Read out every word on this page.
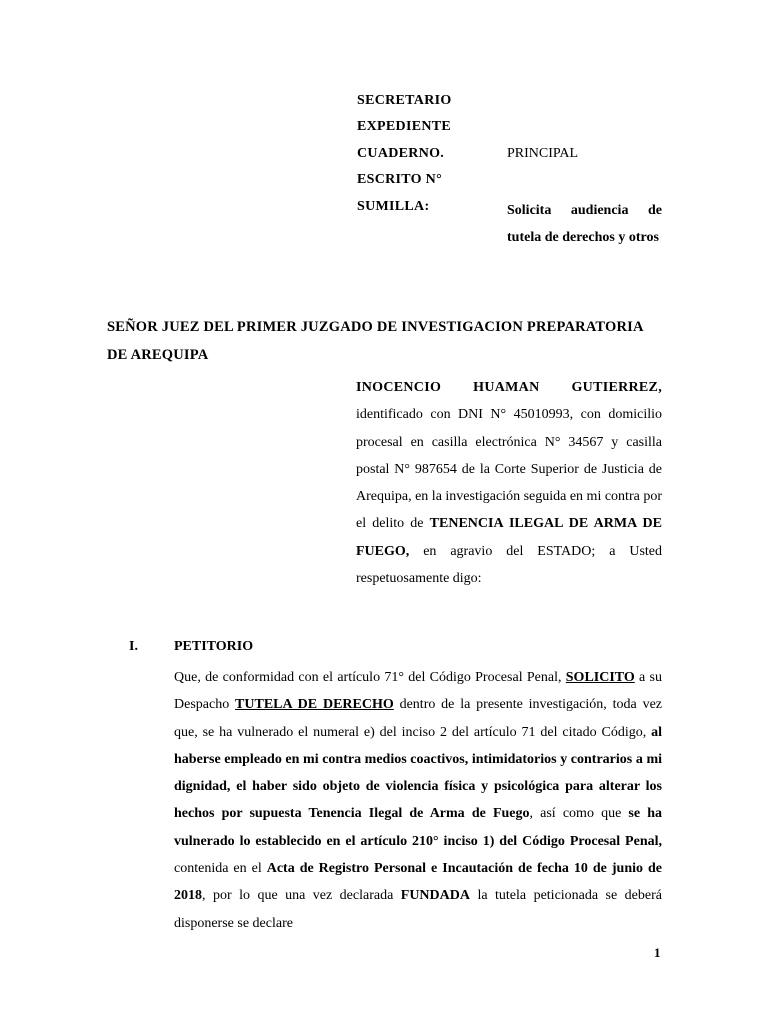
SECRETARIO
EXPEDIENTE
CUADERNO.	PRINCIPAL
ESCRITO N°
SUMILLA:	Solicita audiencia de tutela de derechos y otros
SEÑOR JUEZ DEL PRIMER JUZGADO DE INVESTIGACION PREPARATORIA DE AREQUIPA
INOCENCIO HUAMAN GUTIERREZ,
identificado con DNI N° 45010993, con domicilio procesal en casilla electrónica N° 34567 y casilla postal N° 987654 de la Corte Superior de Justicia de Arequipa, en la investigación seguida en mi contra por el delito de TENENCIA ILEGAL DE ARMA DE FUEGO, en agravio del ESTADO; a Usted respetuosamente digo:
I.	PETITORIO
Que, de conformidad con el artículo 71° del Código Procesal Penal, SOLICITO a su Despacho TUTELA DE DERECHO dentro de la presente investigación, toda vez que, se ha vulnerado el numeral e) del inciso 2 del artículo 71 del citado Código, al haberse empleado en mi contra medios coactivos, intimidatorios y contrarios a mi dignidad, el haber sido objeto de violencia física y psicológica para alterar los hechos por supuesta Tenencia Ilegal de Arma de Fuego, así como que se ha vulnerado lo establecido en el artículo 210° inciso 1) del Código Procesal Penal, contenida en el Acta de Registro Personal e Incautación de fecha 10 de junio de 2018, por lo que una vez declarada FUNDADA la tutela peticionada se deberá disponerse se declare
1
